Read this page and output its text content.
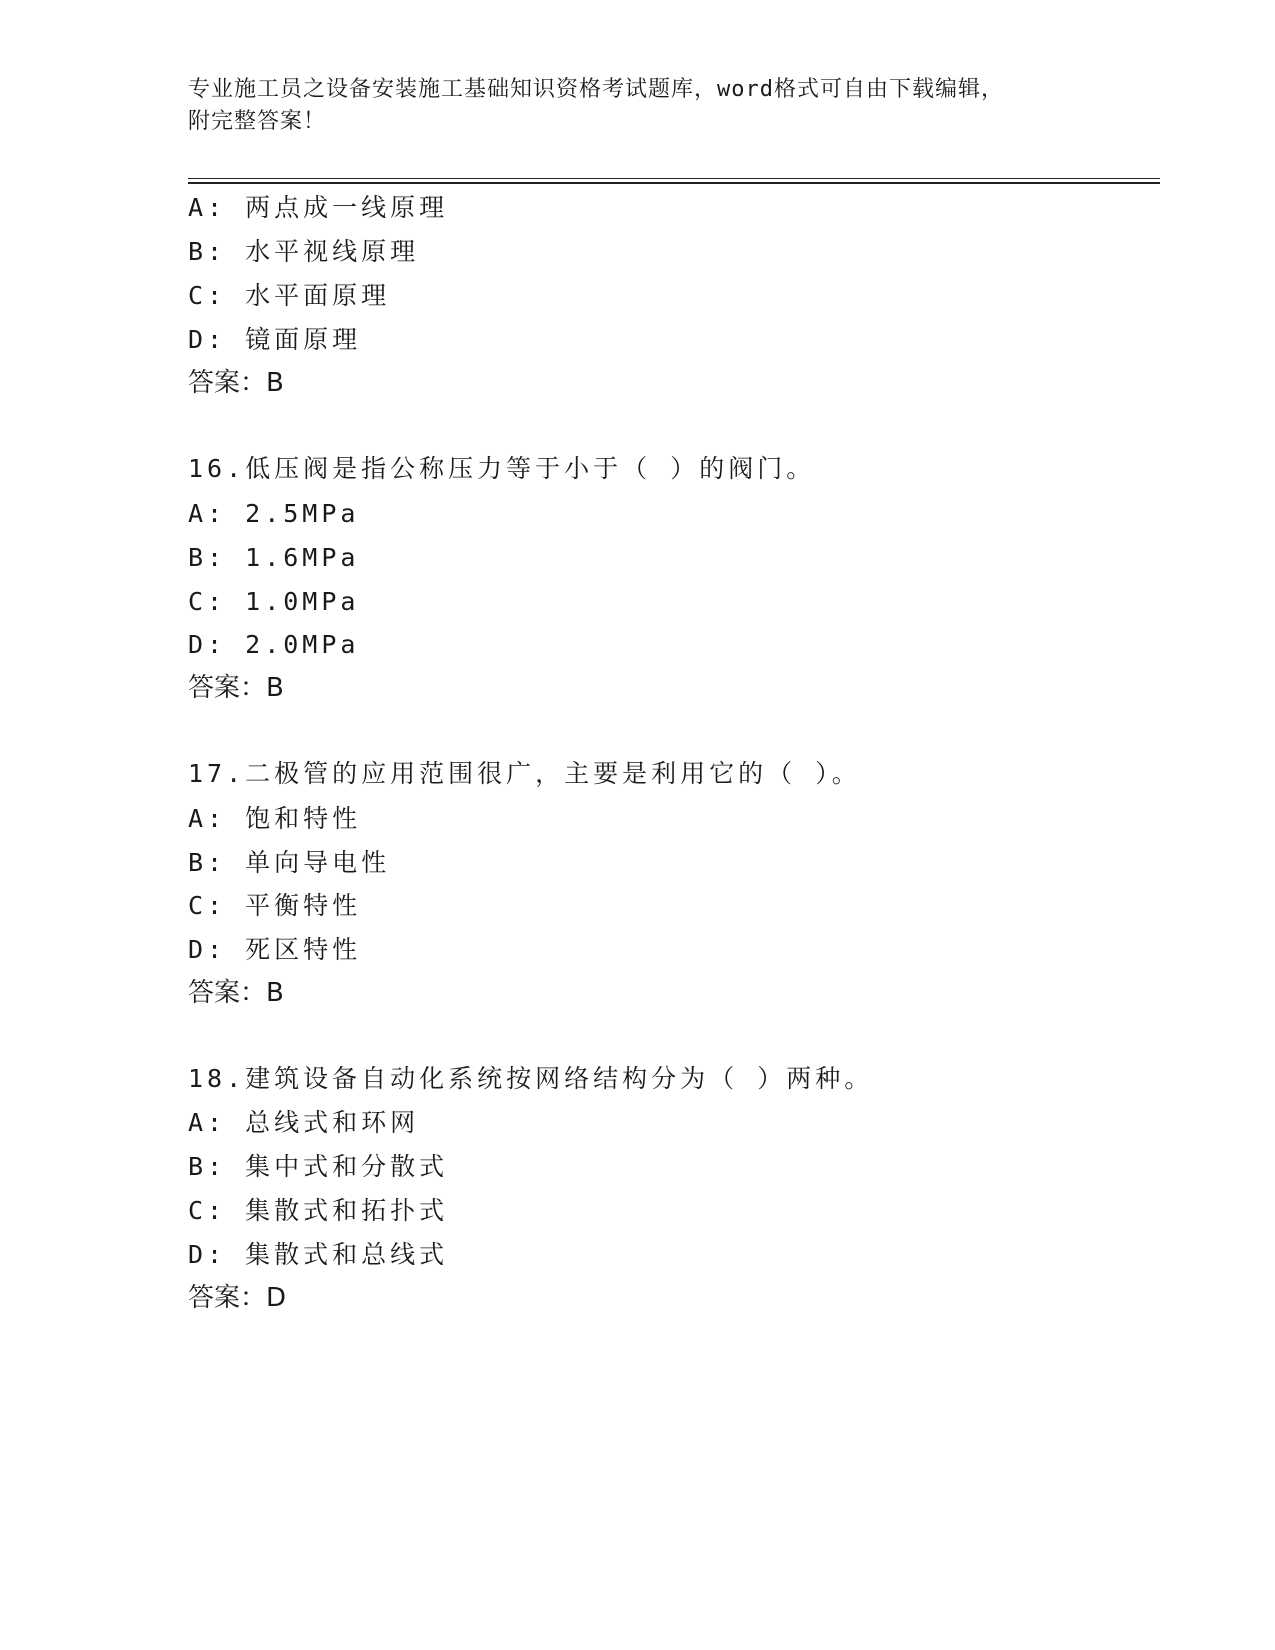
专业施工员之设备安装施工基础知识资格考试题库，word格式可自由下载编辑，
附完整答案！
A: 两点成一线原理
B: 水平视线原理
C: 水平面原理
D: 镜面原理
答案：B
16.低压阀是指公称压力等于小于（ ）的阀门。
A: 2.5MPa
B: 1.6MPa
C: 1.0MPa
D: 2.0MPa
答案：B
17.二极管的应用范围很广，主要是利用它的（ ）。
A: 饱和特性
B: 单向导电性
C: 平衡特性
D: 死区特性
答案：B
18.建筑设备自动化系统按网络结构分为（ ）两种。
A: 总线式和环网
B: 集中式和分散式
C: 集散式和拓扑式
D: 集散式和总线式
答案：D
